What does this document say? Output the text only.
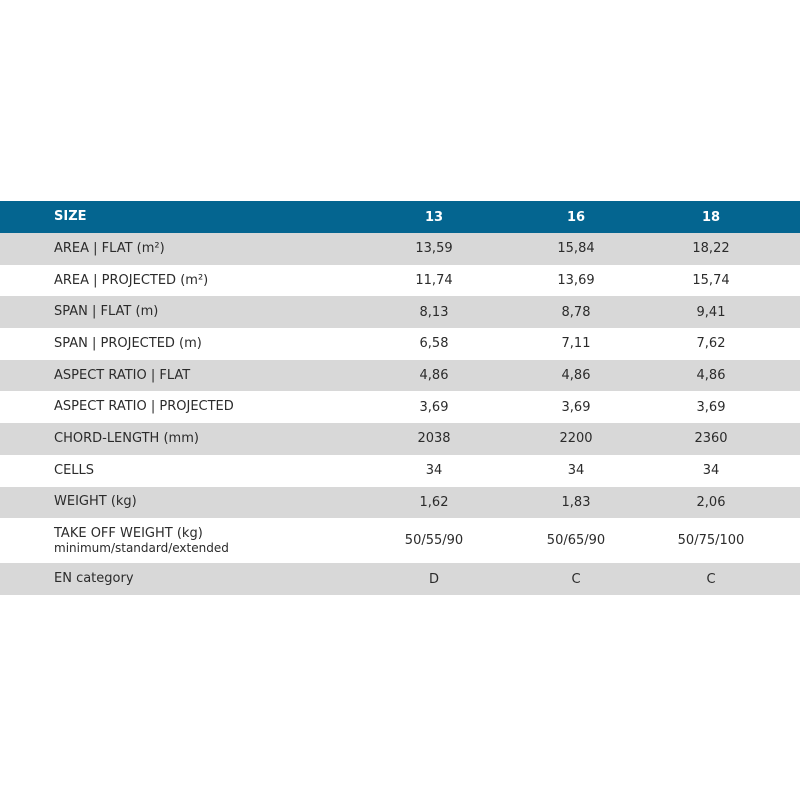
SIZE	13	16	18
AREA | FLAT (m²)	13,59	15,84	18,22
AREA | PROJECTED (m²)	11,74	13,69	15,74
SPAN | FLAT (m)	8,13	8,78	9,41
SPAN | PROJECTED (m)	6,58	7,11	7,62
ASPECT RATIO | FLAT	4,86	4,86	4,86
ASPECT RATIO | PROJECTED	3,69	3,69	3,69
CHORD-LENGTH (mm)	2038	2200	2360
CELLS	34	34	34
WEIGHT (kg)	1,62	1,83	2,06
TAKE OFF WEIGHT (kg)
minimum/standard/extended	50/55/90	50/65/90	50/75/100
EN category	D	C	C
